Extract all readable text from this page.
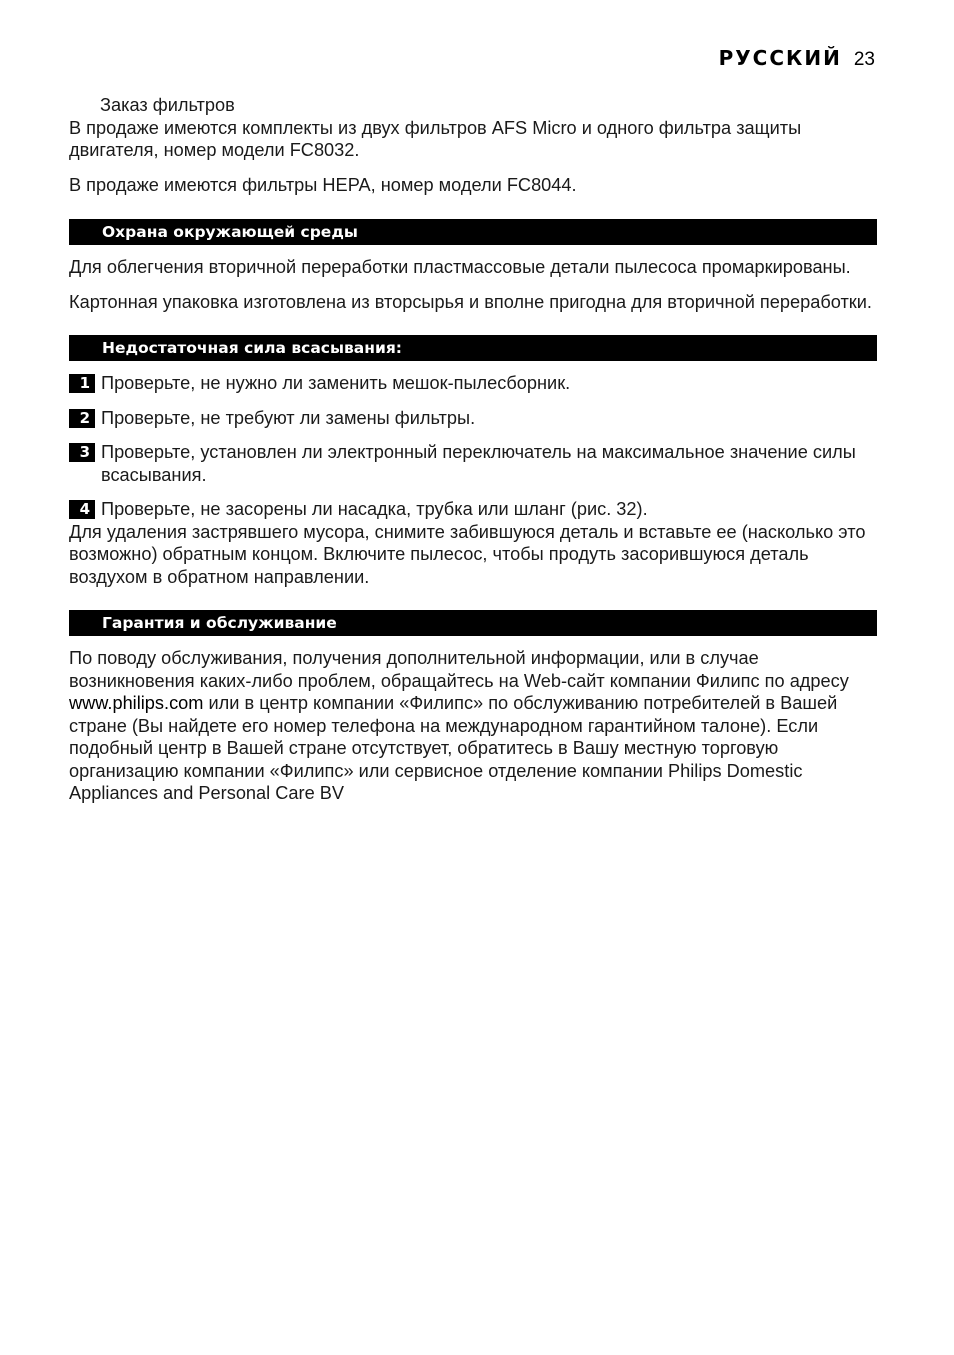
РУССКИЙ 23

Заказ фильтров

В продаже имеются комплекты из двух фильтров AFS Micro и одного фильтра защиты двигателя, номер модели FC8032.

В продаже имеются фильтры HEPA, номер модели FC8044.

Охрана окружающей среды

Для облегчения вторичной переработки пластмассовые детали пылесоса промаркированы.

Картонная упаковка изготовлена из вторсырья и вполне пригодна для вторичной переработки.

Недостаточная сила всасывания:
1 Проверьте, не нужно ли заменить мешок-пылесборник.
2 Проверьте, не требуют ли замены фильтры.
3 Проверьте, установлен ли электронный переключатель на максимальное значение силы всасывания.
4 Проверьте, не засорены ли насадка, трубка или шланг (рис. 32).

Для удаления застрявшего мусора, снимите забившуюся деталь и вставьте ее (насколько это возможно) обратным концом. Включите пылесос, чтобы продуть засорившуюся деталь воздухом в обратном направлении.

Гарантия и обслуживание

По поводу обслуживания, получения дополнительной информации, или в случае возникновения каких-либо проблем, обращайтесь на Web-сайт компании Филипс по адресу www.philips.com или в центр компании «Филипс» по обслуживанию потребителей в Вашей стране (Вы найдете его номер телефона на международном гарантийном талоне). Если подобный центр в Вашей стране отсутствует, обратитесь в Вашу местную торговую организацию компании «Филипс» или сервисное отделение компании Philips Domestic Appliances and Personal Care BV
